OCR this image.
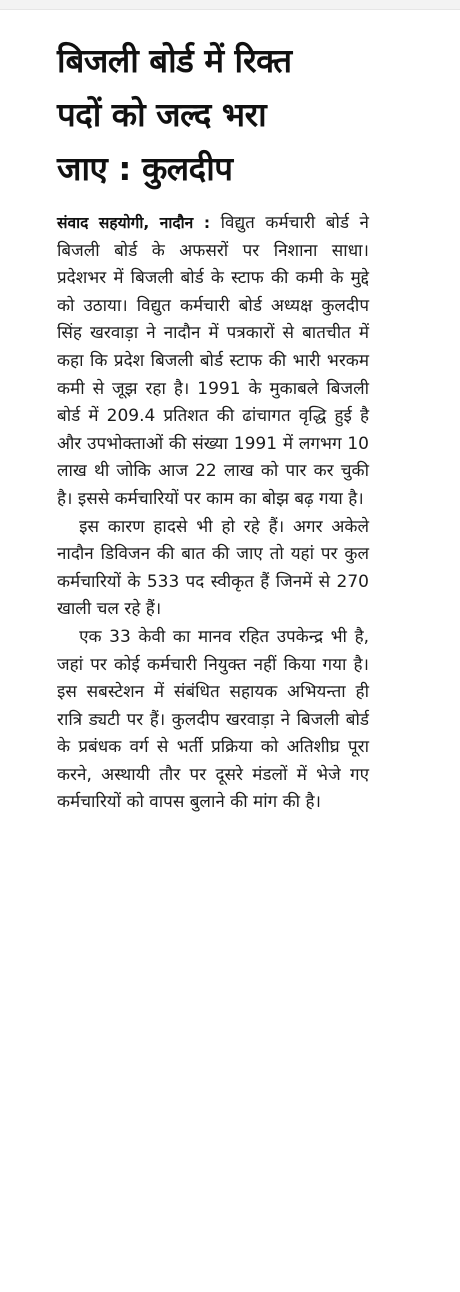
बिजली बोर्ड में रिक्त
पदों को जल्द भरा
जाए : कुलदीप

संवाद सहयोगी, नादौन : विद्युत कर्मचारी बोर्ड ने बिजली बोर्ड के अफसरों पर निशाना साधा। प्रदेशभर में बिजली बोर्ड के स्टाफ की कमी के मुद्दे को उठाया। विद्युत कर्मचारी बोर्ड अध्यक्ष कुलदीप सिंह खरवाड़ा ने नादौन में पत्रकारों से बातचीत में कहा कि प्रदेश बिजली बोर्ड स्टाफ की भारी भरकम कमी से जूझ रहा है। 1991 के मुकाबले बिजली बोर्ड में 209.4 प्रतिशत की ढांचागत वृद्धि हुई है और उपभोक्ताओं की संख्या 1991 में लगभग 10 लाख थी जोकि आज 22 लाख को पार कर चुकी है। इससे कर्मचारियों पर काम का बोझ बढ़ गया है।

इस कारण हादसे भी हो रहे हैं। अगर अकेले नादौन डिविजन की बात की जाए तो यहां पर कुल कर्मचारियों के 533 पद स्वीकृत हैं जिनमें से 270 खाली चल रहे हैं।

एक 33 केवी का मानव रहित उपकेन्द्र भी है, जहां पर कोई कर्मचारी नियुक्त नहीं किया गया है। इस सबस्टेशन में संबंधित सहायक अभियन्ता ही रात्रि ड्यटी पर हैं। कुलदीप खरवाड़ा ने बिजली बोर्ड के प्रबंधक वर्ग से भर्ती प्रक्रिया को अतिशीघ्र पूरा करने, अस्थायी तौर पर दूसरे मंडलों में भेजे गए कर्मचारियों को वापस बुलाने की मांग की है।
